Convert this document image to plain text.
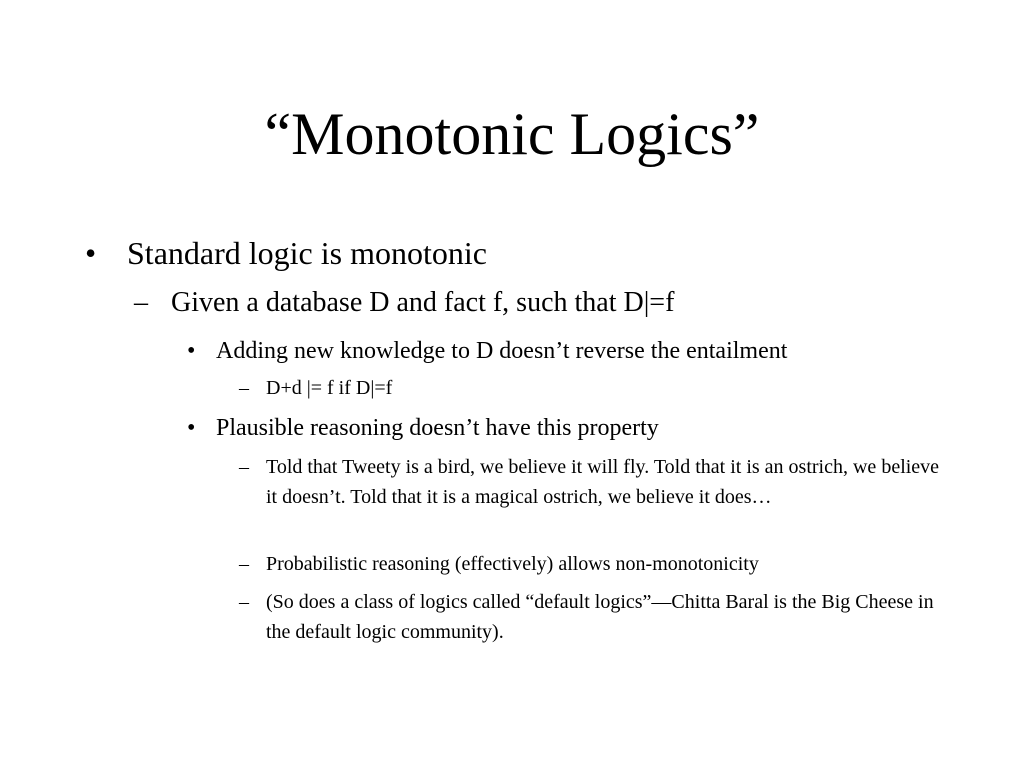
“Monotonic Logics”
• Standard logic is monotonic
– Given a database D and fact f, such that D|=f
• Adding new knowledge to D doesn’t reverse the entailment
– D+d |= f if D|=f
• Plausible reasoning doesn’t have this property
– Told that Tweety is a bird, we believe it will fly. Told that it is an ostrich, we believe it doesn’t. Told that it is a magical ostrich, we believe it does…
– Probabilistic reasoning (effectively) allows non-monotonicity
– (So does a class of logics called “default logics”—Chitta Baral is the Big Cheese in the default logic community).
